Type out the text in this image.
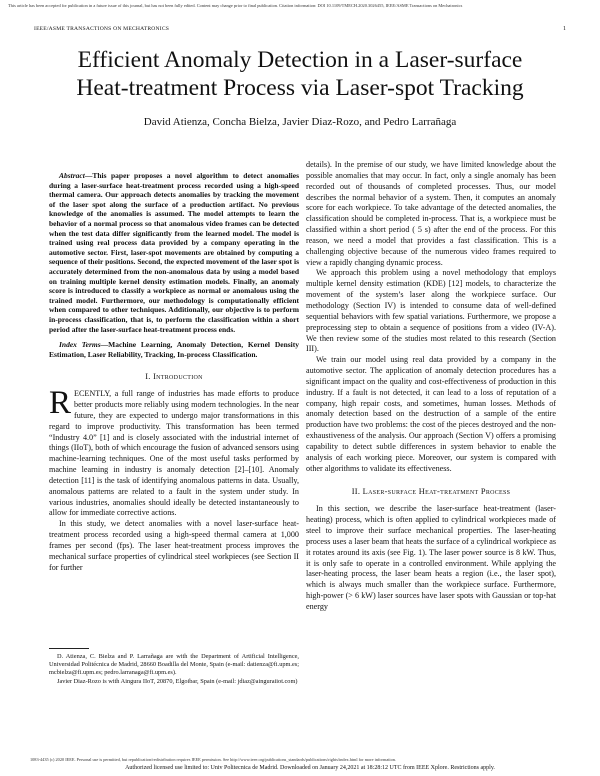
This article has been accepted for publication in a future issue of this journal, but has not been fully edited. Content may change prior to final publication. Citation information: DOI 10.1109/TMECH.2020.3026455, IEEE/ASME Transactions on Mechatronics
IEEE/ASME TRANSACTIONS ON MECHATRONICS	1
Efficient Anomaly Detection in a Laser-surface
Heat-treatment Process via Laser-spot Tracking
David Atienza, Concha Bielza, Javier Diaz-Rozo, and Pedro Larrañaga

Abstract—This paper proposes a novel algorithm to detect anomalies during a laser-surface heat-treatment process recorded using a high-speed thermal camera. Our approach detects anomalies by tracking the movement of the laser spot along the surface of a production artifact. No previous knowledge of the anomalies is assumed. The model attempts to learn the behavior of a normal process so that anomalous video frames can be detected when the test data differ significantly from the learned model. The model is trained using real process data provided by a company operating in the automotive sector. First, laser-spot movements are obtained by computing a sequence of their positions. Second, the expected movement of the laser spot is accurately determined from the non-anomalous data by using a model based on training multiple kernel density estimation models. Finally, an anomaly score is introduced to classify a workpiece as normal or anomalous using the trained model. Furthermore, our methodology is computationally efficient when compared to other techniques. Additionally, our objective is to perform in-process classification, that is, to perform the classification within a short period after the laser-surface heat-treatment process ends.

Index Terms—Machine Learning, Anomaly Detection, Kernel Density Estimation, Laser Reliability, Tracking, In-process Classification.

I. Introduction

RECENTLY, a full range of industries has made efforts to produce better products more reliably using modern technologies. In the near future, they are expected to undergo major transformations in this regard to improve productivity. This transformation has been termed “Industry 4.0” [1] and is closely associated with the industrial internet of things (IIoT), both of which encourage the fusion of advanced sensors using machine-learning techniques. One of the most useful tasks performed by machine learning in industry is anomaly detection [2]–[10]. Anomaly detection [11] is the task of identifying anomalous patterns in data. Usually, anomalous patterns are related to a fault in the system under study. In various industries, anomalies should ideally be detected instantaneously to allow for immediate corrective actions.

In this study, we detect anomalies with a novel laser-surface heat-treatment process recorded using a high-speed thermal camera at 1,000 frames per second (fps). The laser heat-treatment process improves the mechanical surface properties of cylindrical steel workpieces (see Section II for further

D. Atienza, C. Bielza and P. Larrañaga are with the Department of Artificial Intelligence, Universidad Politécnica de Madrid, 28660 Boadilla del Monte, Spain (e-mail: datienza@fi.upm.es; mcbielza@fi.upm.es; pedro.larranaga@fi.upm.es).

Javier Diaz-Rozo is with Aingura IIoT, 20870, Elgoibar, Spain (e-mail: jdiaz@ainguraiiot.com)

details). In the premise of our study, we have limited knowledge about the possible anomalies that may occur. In fact, only a single anomaly has been recorded out of thousands of completed processes. Thus, our model describes the normal behavior of a system. Then, it computes an anomaly score for each workpiece. To take advantage of the detected anomalies, the classification should be completed in-process. That is, a workpiece must be classified within a short period ( 5 s) after the end of the process. For this reason, we need a model that provides a fast classification. This is a challenging objective because of the numerous video frames required to view a rapidly changing dynamic process.

We approach this problem using a novel methodology that employs multiple kernel density estimation (KDE) [12] models, to characterize the movement of the system’s laser along the workpiece surface. Our methodology (Section IV) is intended to consume data of well-defined sequential behaviors with few spatial variations. Furthermore, we propose a preprocessing step to obtain a sequence of positions from a video (IV-A). We then review some of the studies most related to this research (Section III).

We train our model using real data provided by a company in the automotive sector. The application of anomaly detection procedures has a significant impact on the quality and cost-effectiveness of production in this industry. If a fault is not detected, it can lead to a loss of reputation of a company, high repair costs, and sometimes, human losses. Methods of anomaly detection based on the destruction of a sample of the entire production have two problems: the cost of the pieces destroyed and the non-exhaustiveness of the analysis. Our approach (Section V) offers a promising capability to detect subtle differences in system behavior to enable the analysis of each working piece. Moreover, our system is compared with other algorithms to validate its effectiveness.

II. Laser-surface Heat-treatment Process

In this section, we describe the laser-surface heat-treatment (laser-heating) process, which is often applied to cylindrical workpieces made of steel to improve their surface mechanical properties. The laser-heating process uses a laser beam that heats the surface of a cylindrical workpiece as it rotates around its axis (see Fig. 1). The laser power source is 8 kW. Thus, it is only safe to operate in a controlled environment. While applying the laser-heating process, the laser beam heats a region (i.e., the laser spot), which is always much smaller than the workpiece surface. Furthermore, high-power (> 6 kW) laser sources have laser spots with Gaussian or top-hat energy

1083-4435 (c) 2020 IEEE. Personal use is permitted, but republication/redistribution requires IEEE permission. See http://www.ieee.org/publications_standards/publications/rights/index.html for more information.
Authorized licensed use limited to: Univ Politecnica de Madrid. Downloaded on January 24,2021 at 18:28:12 UTC from IEEE Xplore. Restrictions apply.
